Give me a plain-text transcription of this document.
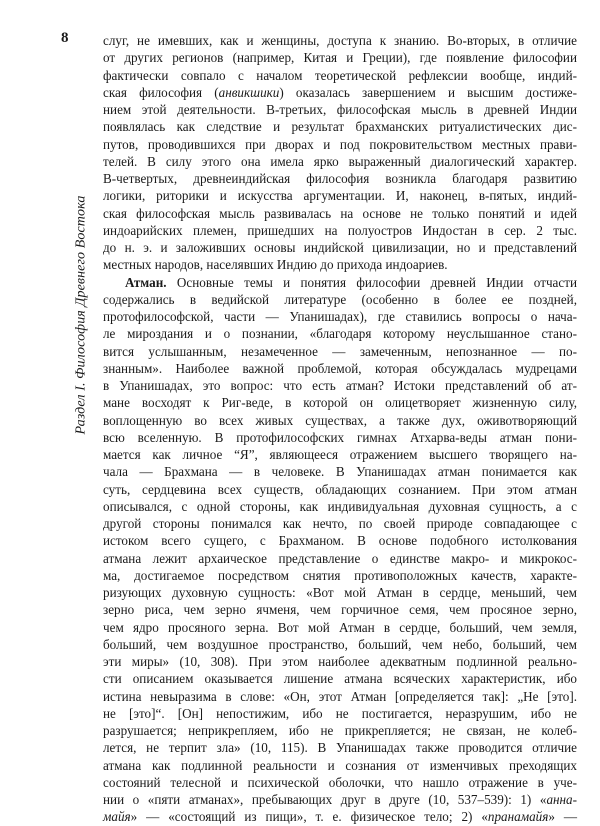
8
Раздел I. Философия Древнего Востока

слуг, не имевших, как и женщины, доступа к знанию. Во-вторых, в отличие
от других регионов (например, Китая и Греции), где появление философии
фактически совпало с началом теоретической рефлексии вообще, индий-
ская философия (анвикшики) оказалась завершением и высшим достиже-
нием этой деятельности. В-третьих, философская мысль в древней Индии
появлялась как следствие и результат брахманских ритуалистических дис-
путов, проводившихся при дворах и под покровительством местных прави-
телей. В силу этого она имела ярко выраженный диалогический характер.
В-четвертых, древнеиндийская философия возникла благодаря развитию
логики, риторики и искусства аргументации. И, наконец, в-пятых, индий-
ская философская мысль развивалась на основе не только понятий и идей
индоарийских племен, пришедших на полуостров Индостан в сер. 2 тыс.
до н. э. и заложивших основы индийской цивилизации, но и представлений
местных народов, населявших Индию до прихода индоариев.

Атман. Основные темы и понятия философии древней Индии отчасти
содержались в ведийской литературе (особенно в более ее поздней,
протофилософской, части — Упанишадах), где ставились вопросы о нача-
ле мироздания и о познании, «благодаря которому неуслышанное стано-
вится услышанным, незамеченное — замеченным, непознанное — по-
знанным». Наиболее важной проблемой, которая обсуждалась мудрецами
в Упанишадах, это вопрос: что есть атман? Истоки представлений об ат-
мане восходят к Риг-веде, в которой он олицетворяет жизненную силу,
воплощенную во всех живых существах, а также дух, оживотворяющий
всю вселенную. В протофилософских гимнах Атхарва-веды атман пони-
мается как личное “Я”, являющееся отражением высшего творящего на-
чала — Брахмана — в человеке. В Упанишадах атман понимается как
суть, сердцевина всех существ, обладающих сознанием. При этом атман
описывался, с одной стороны, как индивидуальная духовная сущность, а с
другой стороны понимался как нечто, по своей природе совпадающее с
истоком всего сущего, с Брахманом. В основе подобного истолкования
атмана лежит архаическое представление о единстве макро- и микрокос-
ма, достигаемое посредством снятия противоположных качеств, характе-
ризующих духовную сущность: «Вот мой Атман в сердце, меньший, чем
зерно риса, чем зерно ячменя, чем горчичное семя, чем просяное зерно,
чем ядро просяного зерна. Вот мой Атман в сердце, больший, чем земля,
больший, чем воздушное пространство, больший, чем небо, больший, чем
эти миры» (10, 308). При этом наиболее адекватным подлинной реально-
сти описанием оказывается лишение атмана всяческих характеристик, ибо
истина невыразима в слове: «Он, этот Атман [определяется так]: „Не [это].
не [это]“. [Он] непостижим, ибо не постигается, неразрушим, ибо не
разрушается; неприкрепляем, ибо не прикрепляется; не связан, не колеб-
лется, не терпит зла» (10, 115). В Упанишадах также проводится отличие
атмана как подлинной реальности и сознания от изменчивых преходящих
состояний телесной и психической оболочки, что нашло отражение в уче-
нии о «пяти атманах», пребывающих друг в друге (10, 537–539): 1) «анна-
майя» — «состоящий из пищи», т. е. физическое тело; 2) «пранамайя» —
